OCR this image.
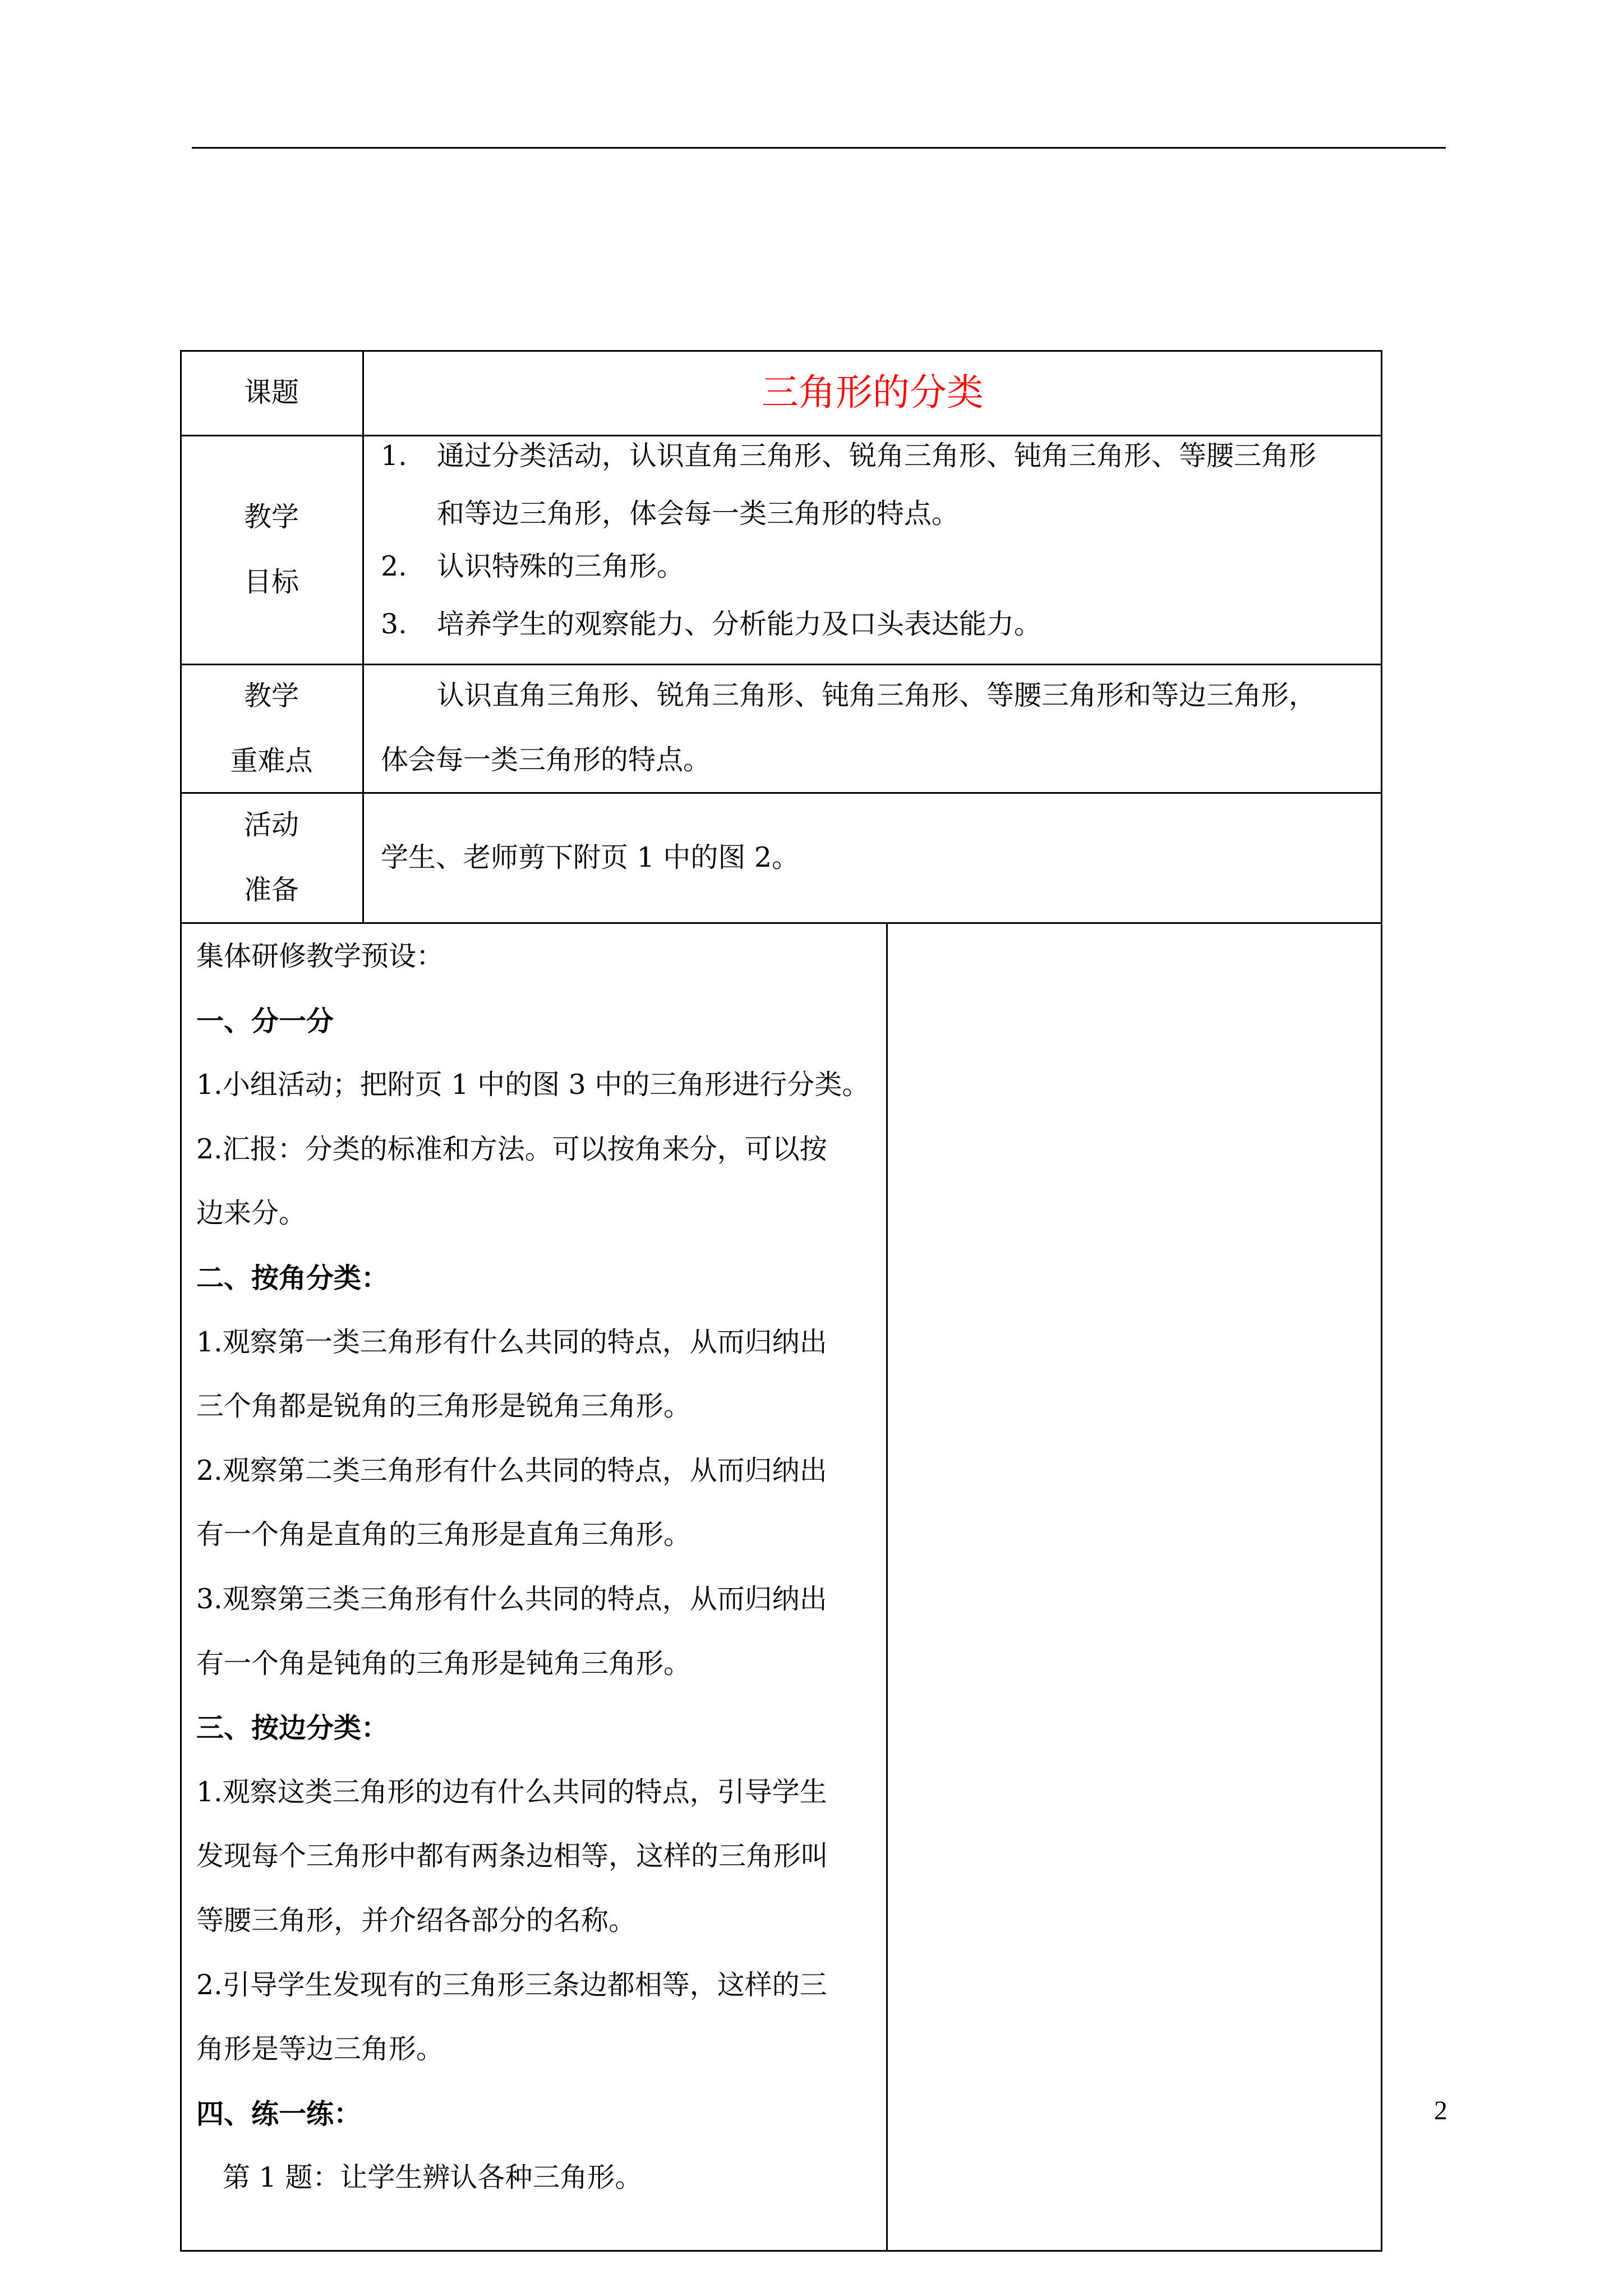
课题	三角形的分类
教学
目标
1. 通过分类活动，认识直角三角形、锐角三角形、钝角三角形、等腰三角形
和等边三角形，体会每一类三角形的特点。
2. 认识特殊的三角形。
3. 培养学生的观察能力、分析能力及口头表达能力。
教学
重难点
认识直角三角形、锐角三角形、钝角三角形、等腰三角形和等边三角形，
体会每一类三角形的特点。
活动
准备
学生、老师剪下附页 1 中的图 2。
集体研修教学预设：
一、分一分
1.小组活动；把附页 1 中的图 3 中的三角形进行分类。
2.汇报：分类的标准和方法。可以按角来分，可以按
边来分。
二、按角分类：
1.观察第一类三角形有什么共同的特点，从而归纳出
三个角都是锐角的三角形是锐角三角形。
2.观察第二类三角形有什么共同的特点，从而归纳出
有一个角是直角的三角形是直角三角形。
3.观察第三类三角形有什么共同的特点，从而归纳出
有一个角是钝角的三角形是钝角三角形。
三、按边分类：
1.观察这类三角形的边有什么共同的特点，引导学生
发现每个三角形中都有两条边相等，这样的三角形叫
等腰三角形，并介绍各部分的名称。
2.引导学生发现有的三角形三条边都相等，这样的三
角形是等边三角形。
四、练一练：
第 1 题：让学生辨认各种三角形。
2
